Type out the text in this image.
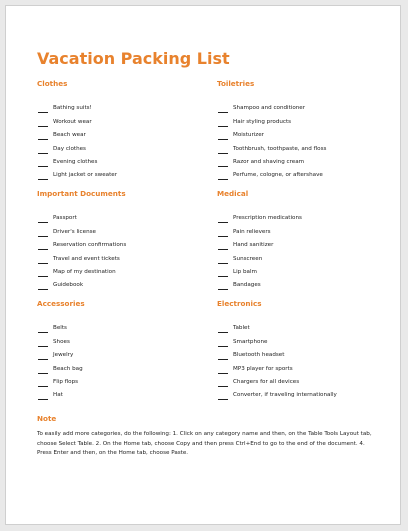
Vacation Packing List
Clothes
Bathing suits!
Workout wear
Beach wear
Day clothes
Evening clothes
Light jacket or sweater
Toiletries
Shampoo and conditioner
Hair styling products
Moisturizer
Toothbrush, toothpaste, and floss
Razor and shaving cream
Perfume, cologne, or aftershave
Important Documents
Passport
Driver's license
Reservation confirmations
Travel and event tickets
Map of my destination
Guidebook
Medical
Prescription medications
Pain relievers
Hand sanitizer
Sunscreen
Lip balm
Bandages
Accessories
Belts
Shoes
Jewelry
Beach bag
Flip flops
Hat
Electronics
Tablet
Smartphone
Bluetooth headset
MP3 player for sports
Chargers for all devices
Converter, if traveling internationally
Note
To easily add more categories, do the following: 1. Click on any category name and then, on the Table Tools Layout tab, choose Select Table. 2. On the Home tab, choose Copy and then press Ctrl+End to go to the end of the document. 4. Press Enter and then, on the Home tab, choose Paste.
